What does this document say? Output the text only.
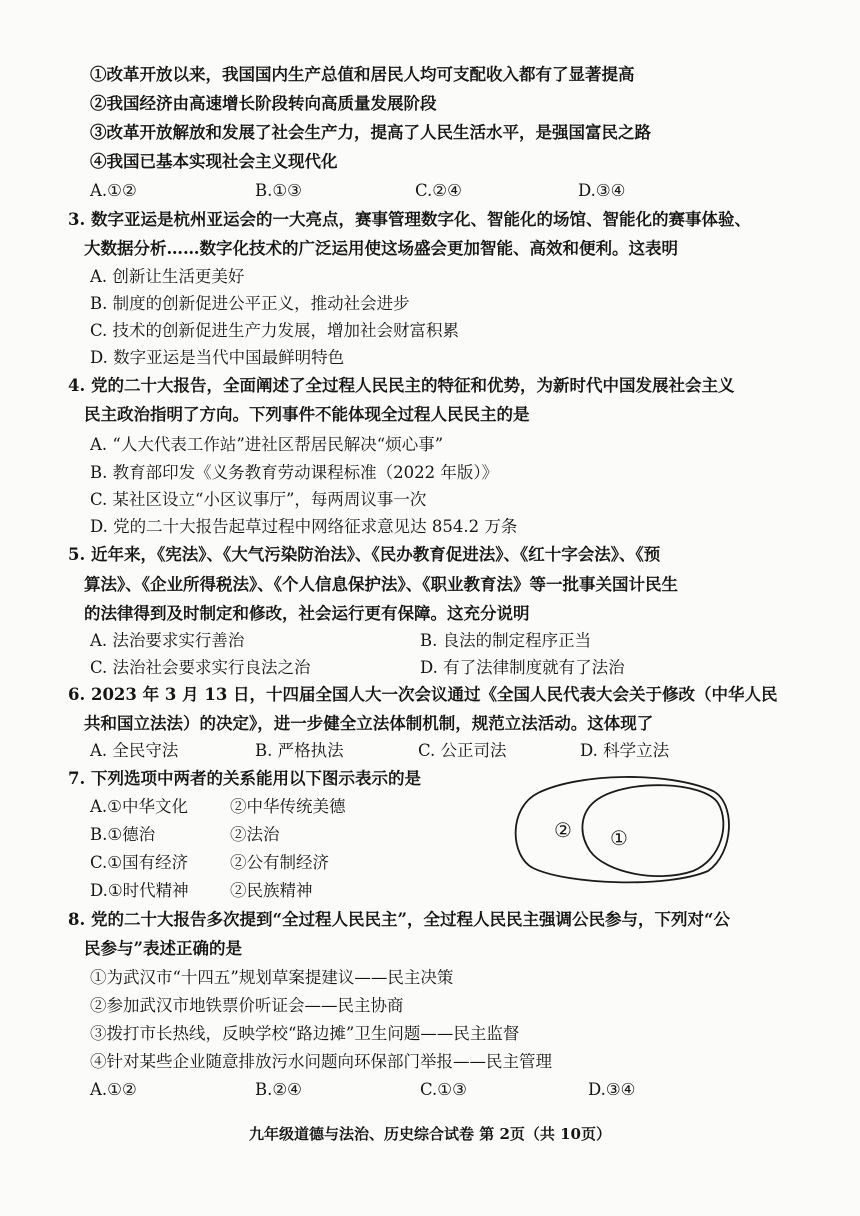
①改革开放以来，我国国内生产总值和居民人均可支配收入都有了显著提高
②我国经济由高速增长阶段转向高质量发展阶段
③改革开放解放和发展了社会生产力，提高了人民生活水平，是强国富民之路
④我国已基本实现社会主义现代化
A.①②	B.①③	C.②④	D.③④
3. 数字亚运是杭州亚运会的一大亮点，赛事管理数字化、智能化的场馆、智能化的赛事体验、
大数据分析……数字化技术的广泛运用使这场盛会更加智能、高效和便利。这表明
A. 创新让生活更美好
B. 制度的创新促进公平正义，推动社会进步
C. 技术的创新促进生产力发展，增加社会财富积累
D. 数字亚运是当代中国最鲜明特色
4. 党的二十大报告，全面阐述了全过程人民民主的特征和优势，为新时代中国发展社会主义
民主政治指明了方向。下列事件不能体现全过程人民民主的是
A. “人大代表工作站”进社区帮居民解决“烦心事”
B. 教育部印发《义务教育劳动课程标准（2022 年版）》
C. 某社区设立“小区议事厅”，每两周议事一次
D. 党的二十大报告起草过程中网络征求意见达 854.2 万条
5. 近年来，《宪法》、《大气污染防治法》、《民办教育促进法》、《红十字会法》、《预
算法》、《企业所得税法》、《个人信息保护法》、《职业教育法》等一批事关国计民生
的法律得到及时制定和修改，社会运行更有保障。这充分说明
A. 法治要求实行善治	B. 良法的制定程序正当
C. 法治社会要求实行良法之治	D. 有了法律制度就有了法治
6. 2023 年 3 月 13 日，十四届全国人大一次会议通过《全国人民代表大会关于修改（中华人民
共和国立法法）的决定》，进一步健全立法体制机制，规范立法活动。这体现了
A. 全民守法	B. 严格执法	C. 公正司法	D. 科学立法
7. 下列选项中两者的关系能用以下图示表示的是
A.①中华文化	②中华传统美德
B.①德治	②法治
C.①国有经济	②公有制经济
D.①时代精神	②民族精神
② ①
8. 党的二十大报告多次提到“全过程人民民主”，全过程人民民主强调公民参与，下列对“公
民参与”表述正确的是
①为武汉市“十四五”规划草案提建议——民主决策
②参加武汉市地铁票价听证会——民主协商
③拨打市长热线，反映学校“路边摊”卫生问题——民主监督
④针对某些企业随意排放污水问题向环保部门举报——民主管理
A.①②	B.②④	C.①③	D.③④
九年级道德与法治、历史综合试卷 第 2页（共 10页）
